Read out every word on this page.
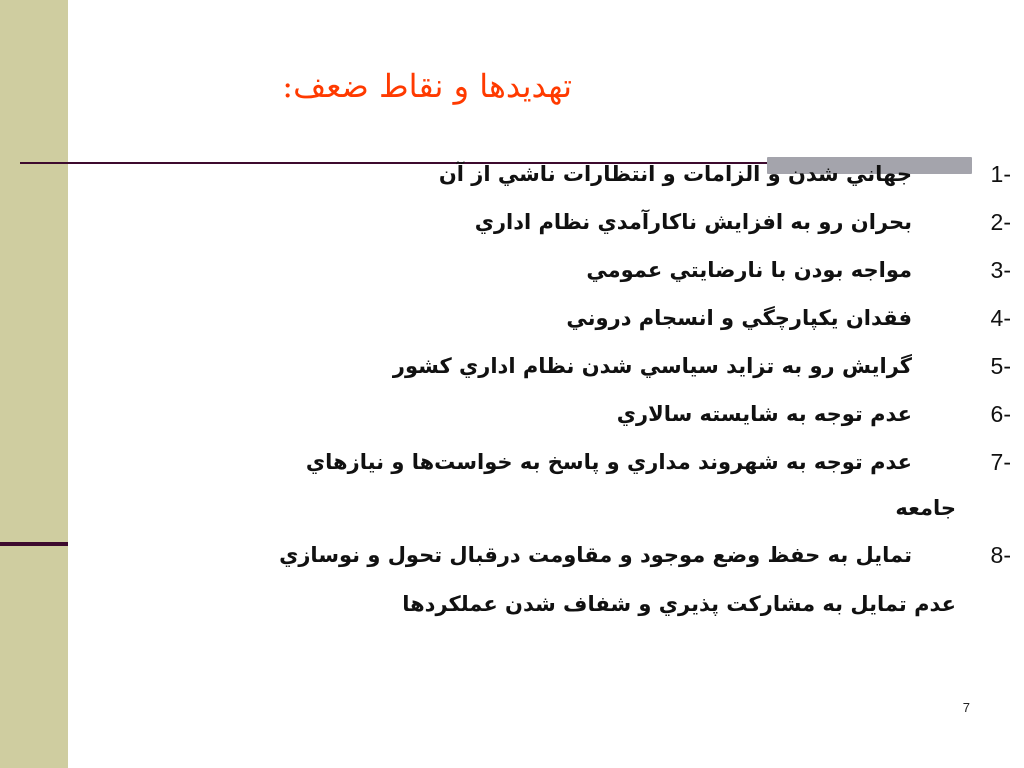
تهديدها و نقاط ضعف:
1-
جهاني شدن و الزامات و انتظارات ناشي از آن
2-
بحران رو به افزايش ناكارآمدي نظام اداري
3-
مواجه بودن با نارضايتي عمومي
4-
فقدان يكپارچگي و انسجام دروني
5-
گرايش رو به تزايد سياسي شدن نظام اداري كشور
6-
عدم توجه به شايسته سالاري
7-
عدم توجه به شهروند مداري و پاسخ به خواست‌ها و نيازهاي
جامعه
8-
تمايل به حفظ وضع موجود و مقاومت درقبال تحول و نوسازي
عدم تمايل به مشاركت پذيري و شفاف شدن عملكردها
7
